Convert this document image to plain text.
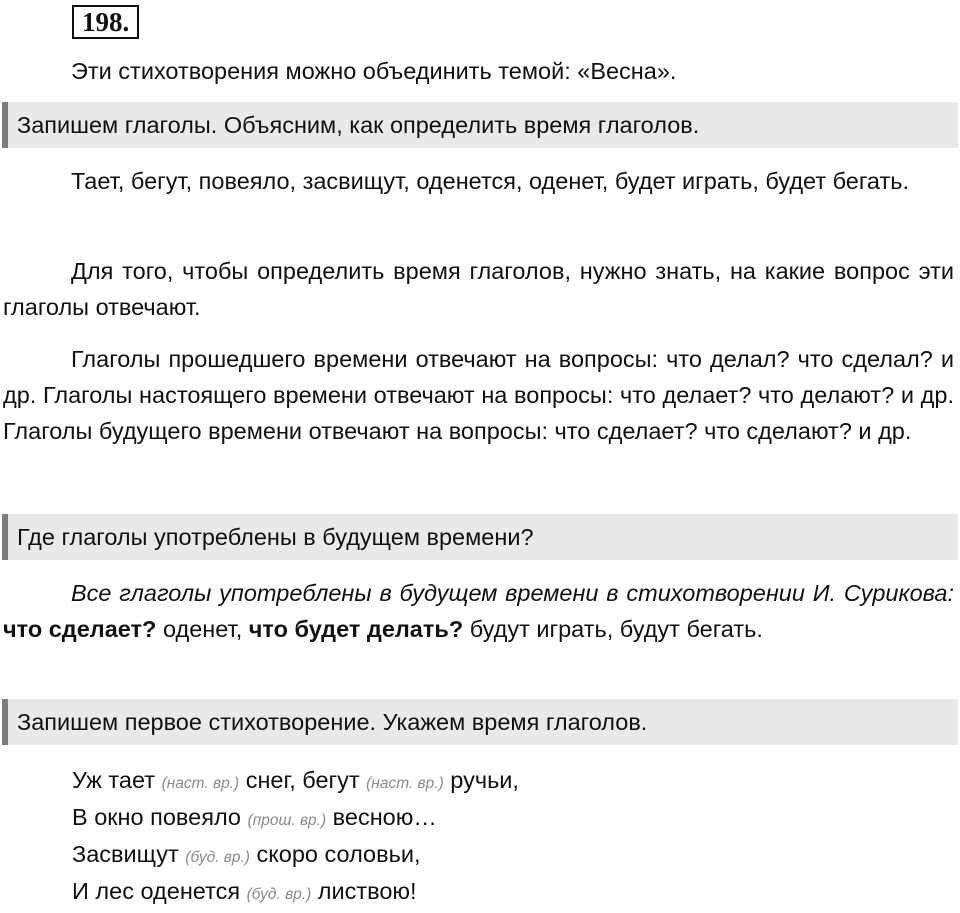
198.

Эти стихотворения можно объединить темой: «Весна».

Запишем глаголы. Объясним, как определить время глаголов.

Тает, бегут, повеяло, засвищут, оденется, оденет, будет играть, будет бегать.

Для того, чтобы определить время глаголов, нужно знать, на какие вопрос эти глаголы отвечают.

Глаголы прошедшего времени отвечают на вопросы: что делал? что сделал? и др. Глаголы настоящего времени отвечают на вопросы: что делает? что делают? и др. Глаголы будущего времени отвечают на вопросы: что сделает? что сделают? и др.

Где глаголы употреблены в будущем времени?

Все глаголы употреблены в будущем времени в стихотворении И. Сурикова: что сделает? оденет, что будет делать? будут играть, будут бегать.

Запишем первое стихотворение. Укажем время глаголов.
Уж тает (наст. вр.) снег, бегут (наст. вр.) ручьи,
В окно повеяло (прош. вр.) весною…
Засвищут (буд. вр.) скоро соловьи,
И лес оденется (буд. вр.) листвою!
